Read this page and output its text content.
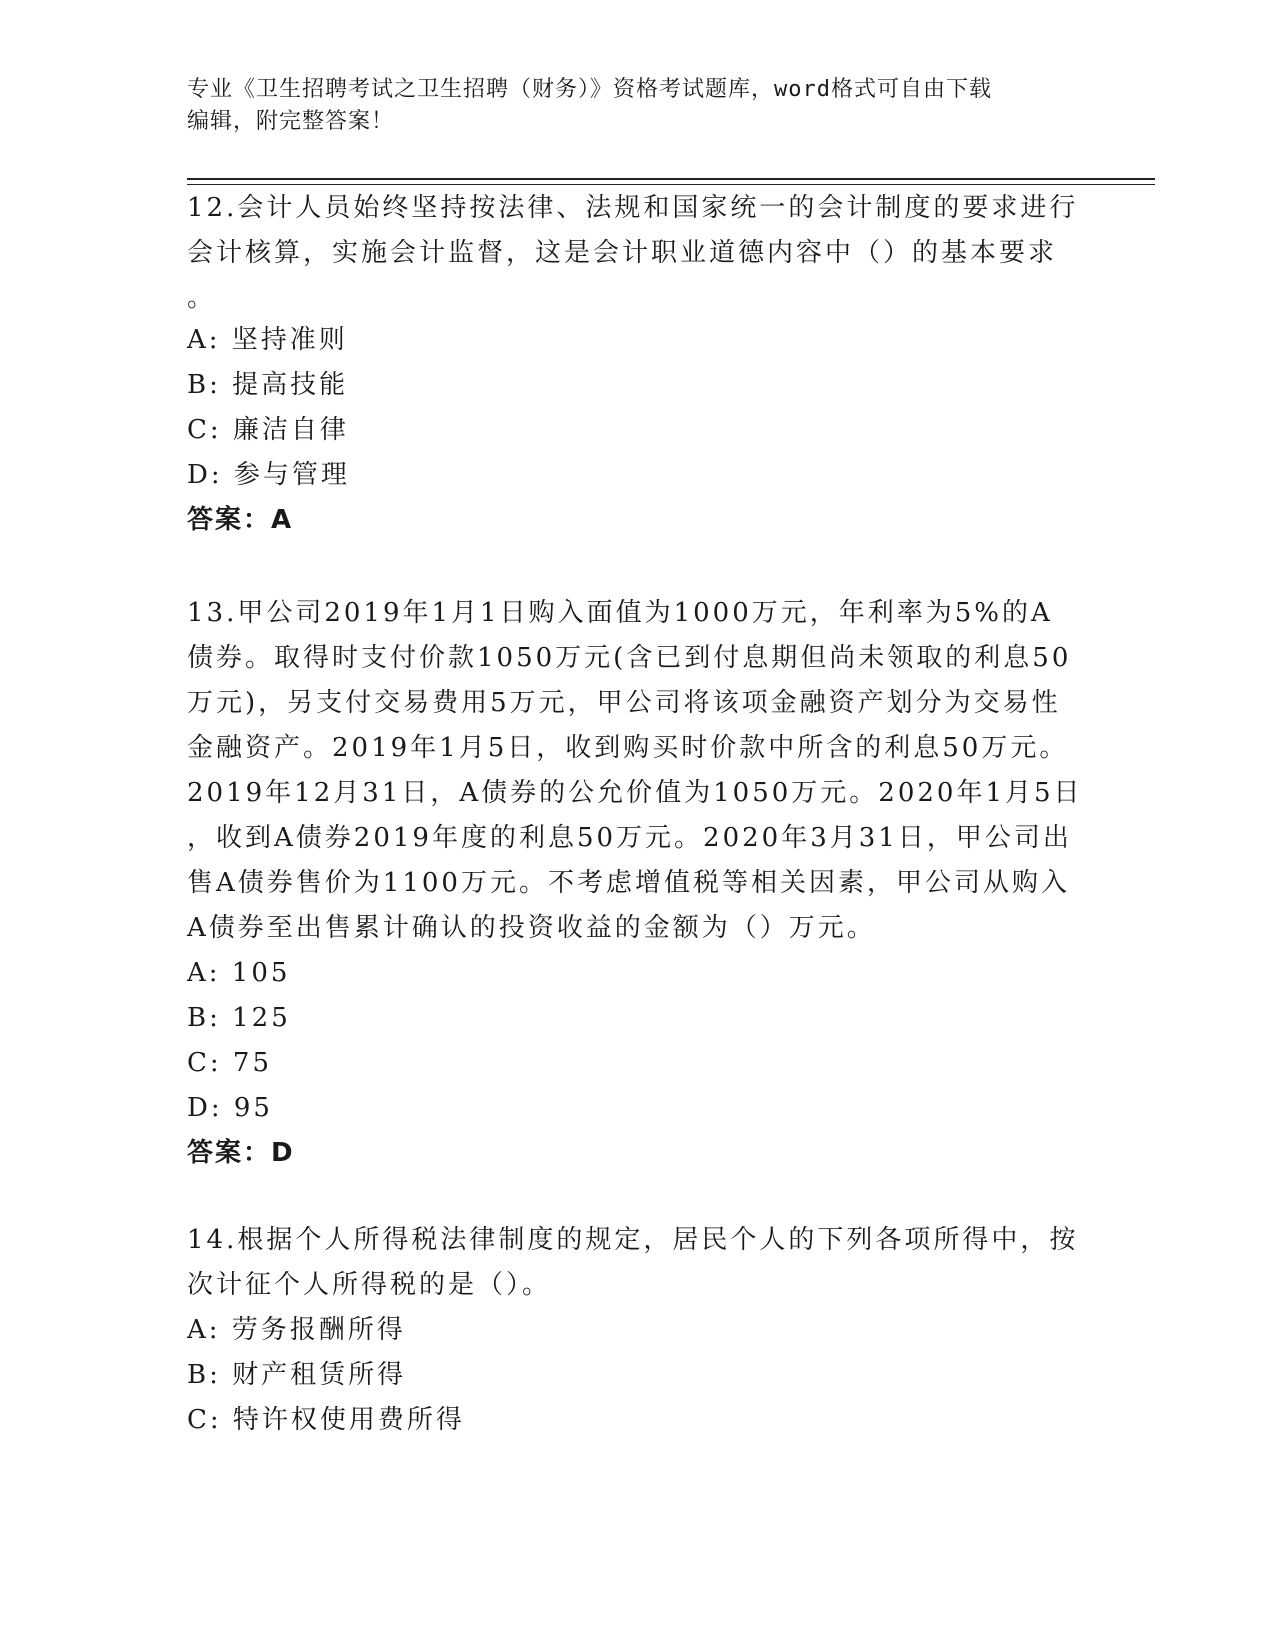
专业《卫生招聘考试之卫生招聘（财务）》资格考试题库，word格式可自由下载
编辑，附完整答案！
12.会计人员始终坚持按法律、法规和国家统一的会计制度的要求进行
会计核算，实施会计监督，这是会计职业道德内容中（）的基本要求
。
A: 坚持准则
B: 提高技能
C: 廉洁自律
D: 参与管理
答案：A
13.甲公司2019年1月1日购入面值为1000万元，年利率为5%的A
债券。取得时支付价款1050万元(含已到付息期但尚未领取的利息50
万元)，另支付交易费用5万元，甲公司将该项金融资产划分为交易性
金融资产。2019年1月5日，收到购买时价款中所含的利息50万元。
2019年12月31日，A债券的公允价值为1050万元。2020年1月5日
，收到A债券2019年度的利息50万元。2020年3月31日，甲公司出
售A债券售价为1100万元。不考虑增值税等相关因素，甲公司从购入
A债券至出售累计确认的投资收益的金额为（）万元。
A: 105
B: 125
C: 75
D: 95
答案：D
14.根据个人所得税法律制度的规定，居民个人的下列各项所得中，按
次计征个人所得税的是（）。
A: 劳务报酬所得
B: 财产租赁所得
C: 特许权使用费所得
